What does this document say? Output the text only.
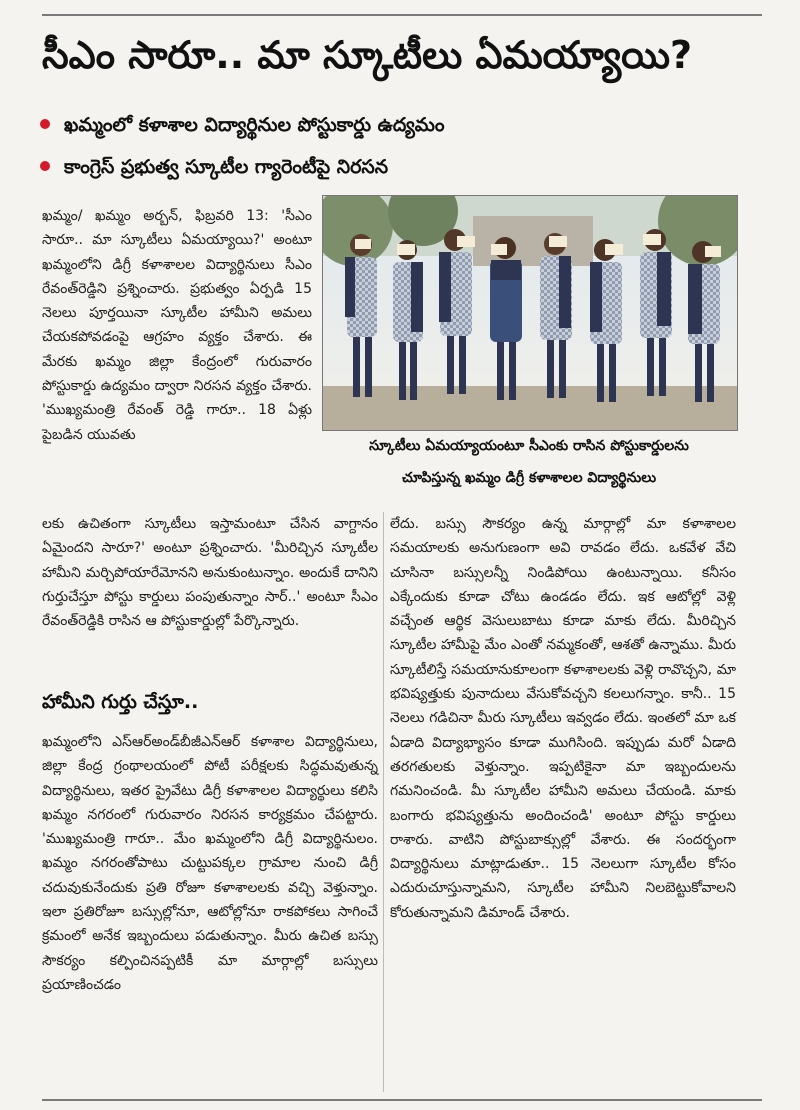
సీఎం సారూ.. మా స్కూటీలు ఏమయ్యాయి?
ఖమ్మంలో కళాశాల విద్యార్థినుల పోస్టుకార్డు ఉద్యమం
కాంగ్రెస్ ప్రభుత్వ స్కూటీల గ్యారెంటీపై నిరసన

ఖమ్మం/ ఖమ్మం అర్బన్, ఫిబ్రవరి 13: 'సీఎం సారూ.. మా స్కూటీలు ఏమయ్యాయి?' అంటూ ఖమ్మంలోని డిగ్రీ కళాశాలల విద్యార్థినులు సీఎం రేవంత్‌రెడ్డిని ప్రశ్నించారు. ప్రభుత్వం ఏర్పడి 15 నెలలు పూర్తయినా స్కూటీల హామీని అమలు చేయకపోవడంపై ఆగ్రహం వ్యక్తం చేశారు. ఈ మేరకు ఖమ్మం జిల్లా కేంద్రంలో గురువారం పోస్టుకార్డు ఉద్యమం ద్వారా నిరసన వ్యక్తం చేశారు. 'ముఖ్యమంత్రి రేవంత్ రెడ్డి గారూ.. 18 ఏళ్లు పైబడిన యువతు

స్కూటీలు ఏమయ్యాయంటూ సీఎంకు రాసిన పోస్టుకార్డులను
చూపిస్తున్న ఖమ్మం డిగ్రీ కళాశాలల విద్యార్థినులు

లకు ఉచితంగా స్కూటీలు ఇస్తామంటూ చేసిన వాగ్దానం ఏమైందని సారూ?' అంటూ ప్రశ్నించారు. 'మీరిచ్చిన స్కూటీల హామీని మర్చిపోయారేమోనని అనుకుంటున్నాం. అందుకే దానిని గుర్తుచేస్తూ పోస్టు కార్డులు పంపుతున్నాం సార్..' అంటూ సీఎం రేవంత్‌రెడ్డికి రాసిన ఆ పోస్టుకార్డుల్లో పేర్కొన్నారు.

హామీని గుర్తు చేస్తూ..

ఖమ్మంలోని ఎస్‌ఆర్‌అండ్‌బీజీఎన్‌ఆర్ కళాశాల విద్యార్థినులు, జిల్లా కేంద్ర గ్రంథాలయంలో పోటీ పరీక్షలకు సిద్ధమవుతున్న విద్యార్థినులు, ఇతర ప్రైవేటు డిగ్రీ కళాశాలల విద్యార్థులు కలిసి ఖమ్మం నగరంలో గురువారం నిరసన కార్యక్రమం చేపట్టారు. 'ముఖ్యమంత్రి గారూ.. మేం ఖమ్మంలోని డిగ్రీ విద్యార్థినులం. ఖమ్మం నగరంతోపాటు చుట్టుపక్కల గ్రామాల నుంచి డిగ్రీ చదువుకునేందుకు ప్రతి రోజూ కళాశాలలకు వచ్చి వెళ్తున్నాం. ఇలా ప్రతిరోజూ బస్సుల్లోనూ, ఆటోల్లోనూ రాకపోకలు సాగించే క్రమంలో అనేక ఇబ్బందులు పడుతున్నాం. మీరు ఉచిత బస్సు సౌకర్యం కల్పించినప్పటికీ మా మార్గాల్లో బస్సులు ప్రయాణించడం

లేదు. బస్సు సౌకర్యం ఉన్న మార్గాల్లో మా కళాశాలల సమయాలకు అనుగుణంగా అవి రావడం లేదు. ఒకవేళ వేచి చూసినా బస్సులన్నీ నిండిపోయి ఉంటున్నాయి. కనీసం ఎక్కేందుకు కూడా చోటు ఉండడం లేదు. ఇక ఆటోల్లో వెళ్లి వచ్చేంత ఆర్థిక వెసులుబాటు కూడా మాకు లేదు. మీరిచ్చిన స్కూటీల హామీపై మేం ఎంతో నమ్మకంతో, ఆశతో ఉన్నాము. మీరు స్కూటీలిస్తే సమయానుకూలంగా కళాశాలలకు వెళ్లి రావొచ్చని, మా భవిష్యత్తుకు పునాదులు వేసుకోవచ్చని కలలుగన్నాం. కానీ.. 15 నెలలు గడిచినా మీరు స్కూటీలు ఇవ్వడం లేదు. ఇంతలో మా ఒక ఏడాది విద్యాభ్యాసం కూడా ముగిసింది. ఇప్పుడు మరో ఏడాది తరగతులకు వెళ్తున్నాం. ఇప్పటికైనా మా ఇబ్బందులను గమనించండి. మీ స్కూటీల హామీని అమలు చేయండి. మాకు బంగారు భవిష్యత్తును అందించండి' అంటూ పోస్టు కార్డులు రాశారు. వాటిని పోస్టుబాక్సుల్లో వేశారు. ఈ సందర్భంగా విద్యార్థినులు మాట్లాడుతూ.. 15 నెలలుగా స్కూటీల కోసం ఎదురుచూస్తున్నామని, స్కూటీల హామీని నిలబెట్టుకోవాలని కోరుతున్నామని డిమాండ్ చేశారు.
